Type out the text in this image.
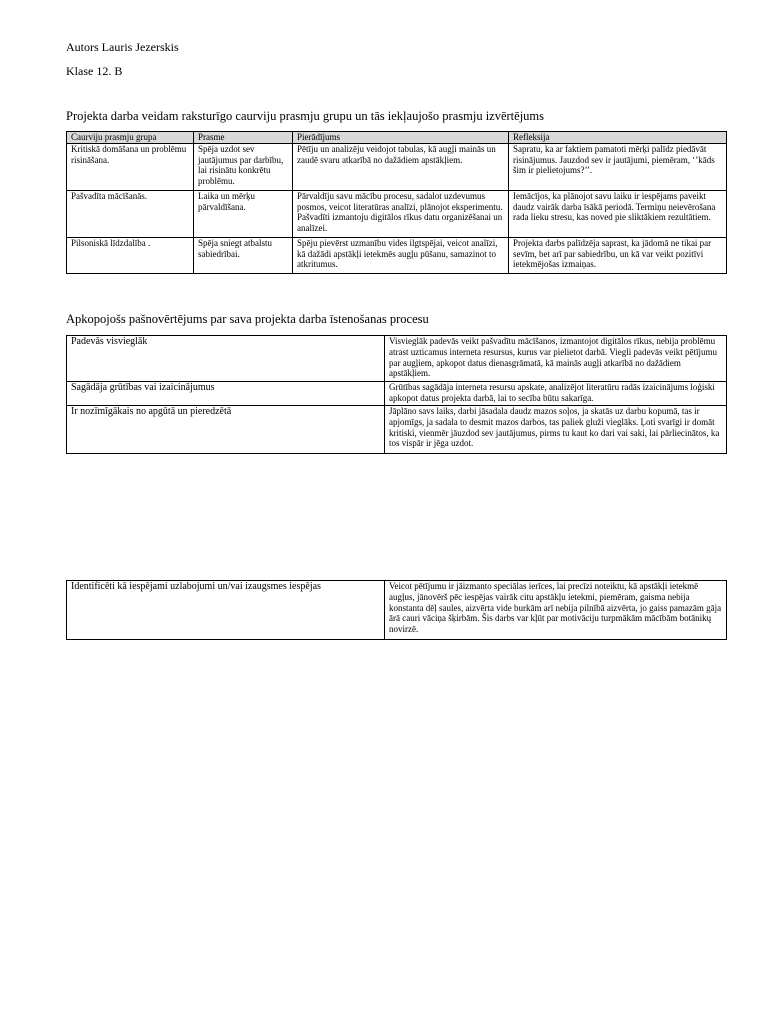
Autors Lauris Jezerskis
Klase 12. B
Projekta darba veidam raksturīgo caurviju prasmju grupu un tās iekļaujošo prasmju izvērtējums
Caurviju prasmju grupa	Prasme	Pierādījums	Refleksija
Kritiskā domāšana un problēmu risināšana.	Spēja uzdot sev jautājumus par darbību, lai risinātu konkrētu problēmu.	Pētīju un analizēju veidojot tabulas, kā augļi mainās un zaudē svaru atkarībā no dažādiem apstākļiem.	Sapratu, ka ar faktiem pamatoti mērķi palīdz piedāvāt risinājumus. Jauzdod sev ir jautājumi, piemēram, ‘’kāds šim ir pielietojums?’’.
Pašvadīta mācīšanās.	Laika un mērķu pārvaldīšana.	Pārvaldīju savu mācību procesu, sadalot uzdevumus posmos, veicot literatūras analīzi, plānojot eksperimentu. Pašvadīti izmantoju digitālos rīkus datu organizēšanai un analīzei.	Iemācījos, ka plānojot savu laiku ir iespējams paveikt daudz vairāk darba īsākā periodā. Termiņu neievērošana rada lieku stresu, kas noved pie sliktākiem rezultātiem.
Pilsoniskā līdzdalība .	Spēja sniegt atbalstu sabiedrībai.	Spēju pievērst uzmanību vides ilgtspējai, veicot analīzi, kā dažādi apstākļi ietekmēs augļu pūšanu, samazinot to atkritumus.	Projekta darbs palīdzēja saprast, ka jādomā ne tikai par sevīm, bet arī par sabiedrību, un kā var veikt pozitīvi ietekmējošas izmaiņas.
Apkopojošs pašnovērtējums par sava projekta darba īstenošanas procesu
Padevās visvieglāk	Visvieglāk padevās veikt pašvadītu mācīšanos, izmantojot digitālos rīkus, nebija problēmu atrast uzticamus interneta resursus, kurus var pielietot darbā. Viegli padevās veikt pētījumu par augļiem, apkopot datus dienasgrāmatā, kā mainās augļi atkarībā no dažādiem apstākļiem.
Sagādāja grūtības vai izaicinājumus	Grūtības sagādāja interneta resursu apskate, analizējot literatūru radās izaicinājums loģiski apkopot datus projekta darbā, lai to secība būtu sakarīga.
Ir nozīmīgākais no apgūtā un pieredzētā	Jāplāno savs laiks, darbi jāsadala daudz mazos soļos, ja skatās uz darbu kopumā, tas ir apjomīgs, ja sadala to desmit mazos darbos, tas paliek gluži vieglāks. Ļoti svarīgi ir domāt kritiski, vienmēr jāuzdod sev jautājumus, pirms tu kaut ko dari vai saki, lai pārliecinātos, ka tos vispār ir jēga uzdot.
Identificēti kā iespējami uzlabojumi un/vai izaugsmes iespējas	Veicot pētījumu ir jāizmanto speciālas ierīces, lai precīzi noteiktu, kā apstākļi ietekmē augļus, jānovērš pēc iespējas vairāk citu apstākļu ietekmi, piemēram, gaisma nebija konstanta dēļ saules, aizvērta vide burkām arī nebija pilnībā aizvērta, jo gaiss pamazām gāja ārā cauri vāciņa šķirbām. Šis darbs var kļūt par motivāciju turpmākām mācībām botānikų novirzē.
